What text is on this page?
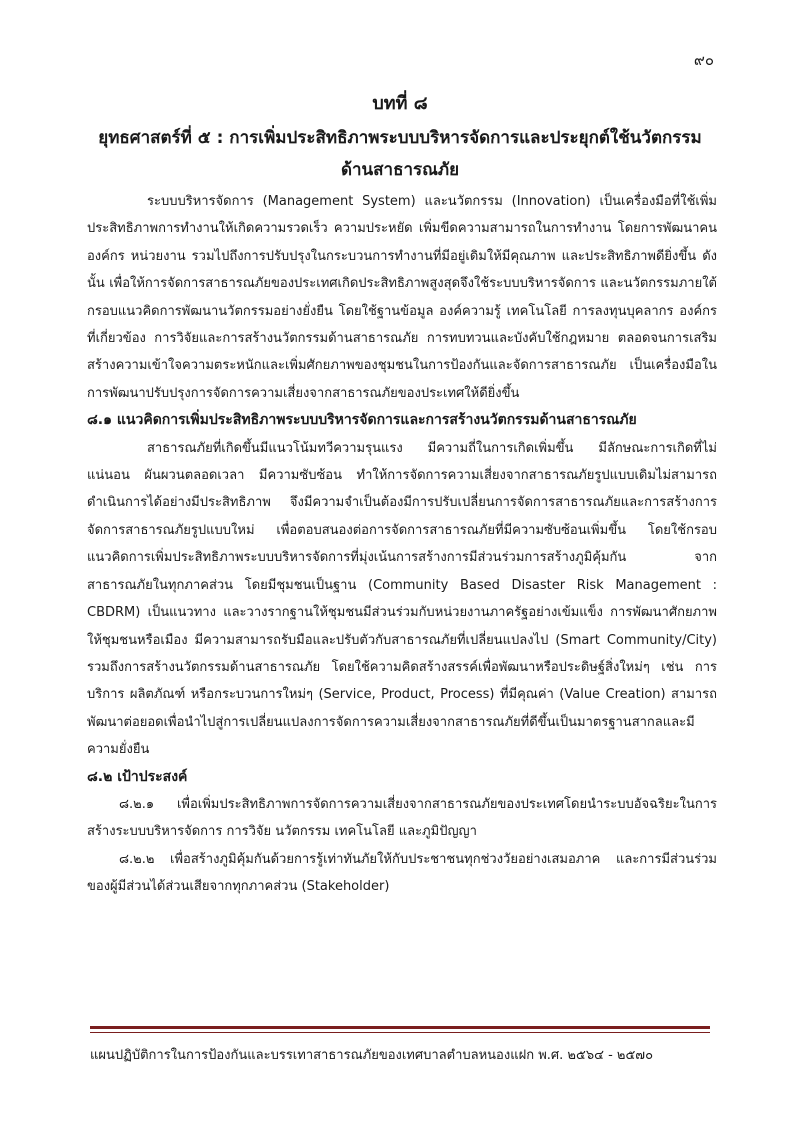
๙๐
บทที่ ๘
ยุทธศาสตร์ที่ ๕ : การเพิ่มประสิทธิภาพระบบบริหารจัดการและประยุกต์ใช้นวัตกรรม
ด้านสาธารณภัย

ระบบบริหารจัดการ (Management System) และนวัตกรรม (Innovation) เป็นเครื่องมือที่ใช้เพิ่มประสิทธิภาพการทำงานให้เกิดความรวดเร็ว ความประหยัด เพิ่มขีดความสามารถในการทำงาน โดยการพัฒนาคน องค์กร หน่วยงาน รวมไปถึงการปรับปรุงในกระบวนการทำงานที่มีอยู่เดิมให้มีคุณภาพ และประสิทธิภาพดียิ่งขึ้น ดังนั้น เพื่อให้การจัดการสาธารณภัยของประเทศเกิดประสิทธิภาพสูงสุดจึงใช้ระบบบริหารจัดการ และนวัตกรรมภายใต้กรอบแนวคิดการพัฒนานวัตกรรมอย่างยั่งยืน โดยใช้ฐานข้อมูล องค์ความรู้ เทคโนโลยี การลงทุนบุคลากร องค์กรที่เกี่ยวข้อง การวิจัยและการสร้างนวัตกรรมด้านสาธารณภัย การทบทวนและบังคับใช้กฎหมาย ตลอดจนการเสริมสร้างความเข้าใจความตระหนักและเพิ่มศักยภาพของชุมชนในการป้องกันและจัดการสาธารณภัย เป็นเครื่องมือในการพัฒนาปรับปรุงการจัดการความเสี่ยงจากสาธารณภัยของประเทศให้ดียิ่งขึ้น

๘.๑ แนวคิดการเพิ่มประสิทธิภาพระบบบริหารจัดการและการสร้างนวัตกรรมด้านสาธารณภัย

สาธารณภัยที่เกิดขึ้นมีแนวโน้มทวีความรุนแรง มีความถี่ในการเกิดเพิ่มขึ้น มีลักษณะการเกิดที่ไม่แน่นอน ผันผวนตลอดเวลา มีความซับซ้อน ทำให้การจัดการความเสี่ยงจากสาธารณภัยรูปแบบเดิมไม่สามารถดำเนินการได้อย่างมีประสิทธิภาพ จึงมีความจำเป็นต้องมีการปรับเปลี่ยนการจัดการสาธารณภัยและการสร้างการจัดการสาธารณภัยรูปแบบใหม่ เพื่อตอบสนองต่อการจัดการสาธารณภัยที่มีความซับซ้อนเพิ่มขึ้น โดยใช้กรอบแนวคิดการเพิ่มประสิทธิภาพระบบบริหารจัดการที่มุ่งเน้นการสร้างการมีส่วนร่วมการสร้างภูมิคุ้มกัน จากสาธารณภัยในทุกภาคส่วน โดยมีชุมชนเป็นฐาน (Community Based Disaster Risk Management : CBDRM) เป็นแนวทาง และวางรากฐานให้ชุมชนมีส่วนร่วมกับหน่วยงานภาครัฐอย่างเข้มแข็ง การพัฒนาศักยภาพให้ชุมชนหรือเมือง มีความสามารถรับมือและปรับตัวกับสาธารณภัยที่เปลี่ยนแปลงไป (Smart Community/City) รวมถึงการสร้างนวัตกรรมด้านสาธารณภัย โดยใช้ความคิดสร้างสรรค์เพื่อพัฒนาหรือประดิษฐ์สิ่งใหม่ๆ เช่น การบริการ ผลิตภัณฑ์ หรือกระบวนการใหม่ๆ (Service, Product, Process) ที่มีคุณค่า (Value Creation) สามารถพัฒนาต่อยอดเพื่อนำไปสู่การเปลี่ยนแปลงการจัดการความเสี่ยงจากสาธารณภัยที่ดีขึ้นเป็นมาตรฐานสากลและมีความยั่งยืน

๘.๒ เป้าประสงค์

๘.๒.๑ เพื่อเพิ่มประสิทธิภาพการจัดการความเสี่ยงจากสาธารณภัยของประเทศโดยนำระบบอัจฉริยะในการสร้างระบบบริหารจัดการ การวิจัย นวัตกรรม เทคโนโลยี และภูมิปัญญา

๘.๒.๒ เพื่อสร้างภูมิคุ้มกันด้วยการรู้เท่าทันภัยให้กับประชาชนทุกช่วงวัยอย่างเสมอภาค และการมีส่วนร่วมของผู้มีส่วนได้ส่วนเสียจากทุกภาคส่วน (Stakeholder)

แผนปฏิบัติการในการป้องกันและบรรเทาสาธารณภัยของเทศบาลตำบลหนองแฝก พ.ศ. ๒๕๖๔ - ๒๕๗๐
